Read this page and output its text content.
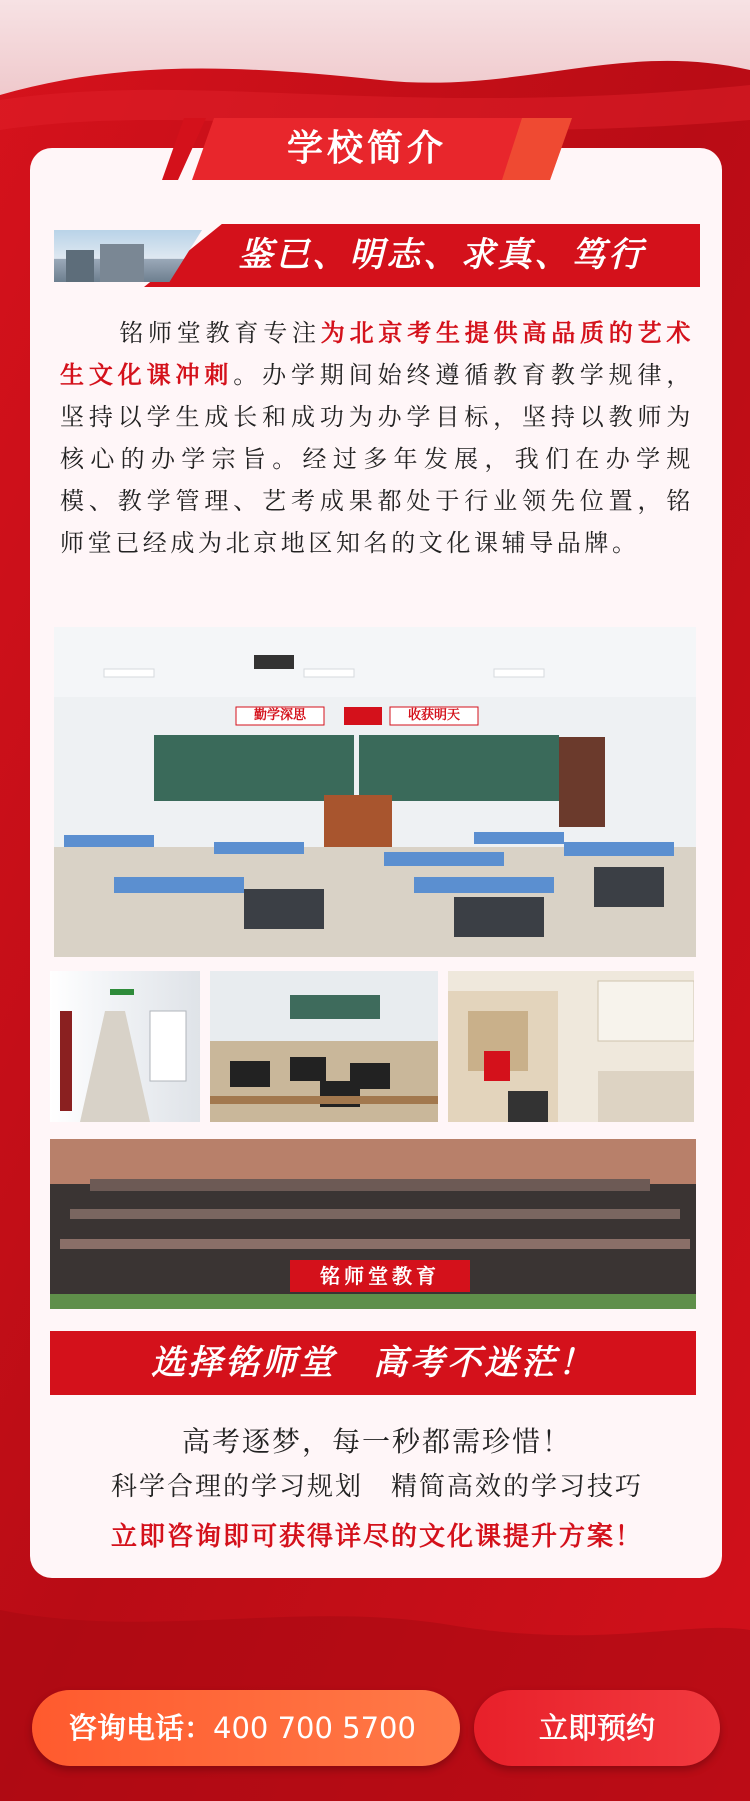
学校简介
鉴已、明志、求真、笃行

铭师堂教育专注为北京考生提供高品质的艺术生文化课冲刺。办学期间始终遵循教育教学规律，坚持以学生成长和成功为办学目标，坚持以教师为核心的办学宗旨。经过多年发展，我们在办学规模、教学管理、艺考成果都处于行业领先位置，铭师堂已经成为北京地区知名的文化课辅导品牌。

勤学深思	收获明天
铭师堂教育
选择铭师堂　高考不迷茫！
高考逐梦，每一秒都需珍惜！
科学合理的学习规划　精简高效的学习技巧
立即咨询即可获得详尽的文化课提升方案！
咨询电话：400 700 5700	立即预约
